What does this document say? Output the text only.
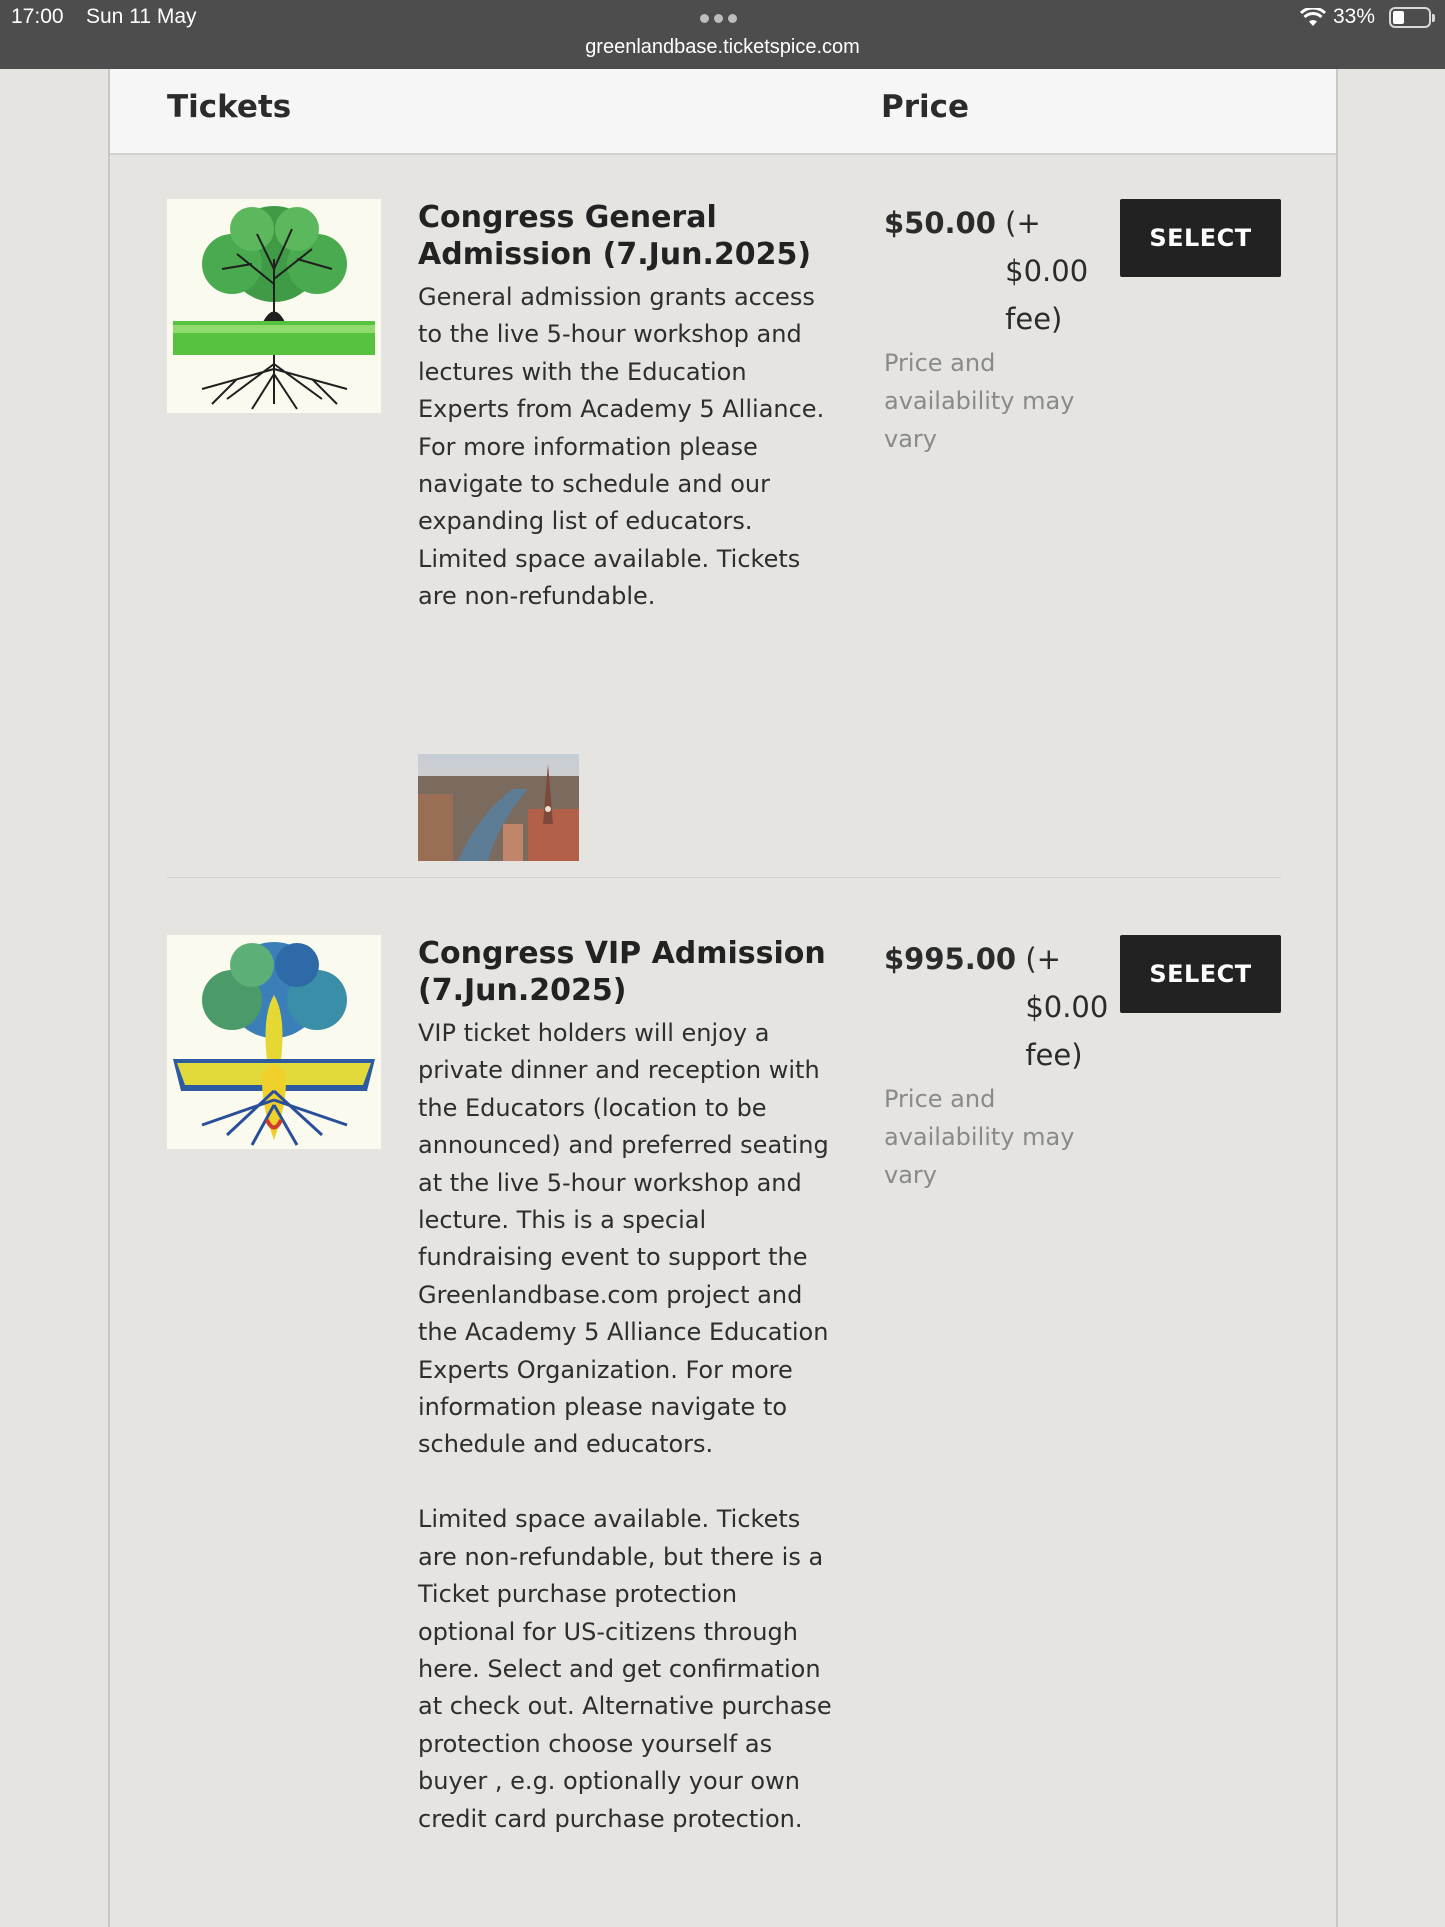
17:00 Sun 11 May
greenlandbase.ticketspice.com
33%
Tickets	Price
Congress General Admission (7.Jun.2025)
General admission grants access to the live 5-hour workshop and lectures with the Education Experts from Academy 5 Alliance. For more information please navigate to schedule and our expanding list of educators. Limited space available. Tickets are non-refundable.
$50.00 (+
$0.00
fee)
Price and availability may vary
SELECT
Congress VIP Admission (7.Jun.2025)
VIP ticket holders will enjoy a private dinner and reception with the Educators (location to be announced) and preferred seating at the live 5-hour workshop and lecture. This is a special fundraising event to support the Greenlandbase.com project and the Academy 5 Alliance Education Experts Organization. For more information please navigate to schedule and educators.

Limited space available. Tickets are non-refundable, but there is a Ticket purchase protection optional for US-citizens through here. Select and get confirmation at check out. Alternative purchase protection choose yourself as buyer , e.g. optionally your own credit card purchase protection.
$995.00 (+
$0.00
fee)
Price and availability may vary
SELECT
